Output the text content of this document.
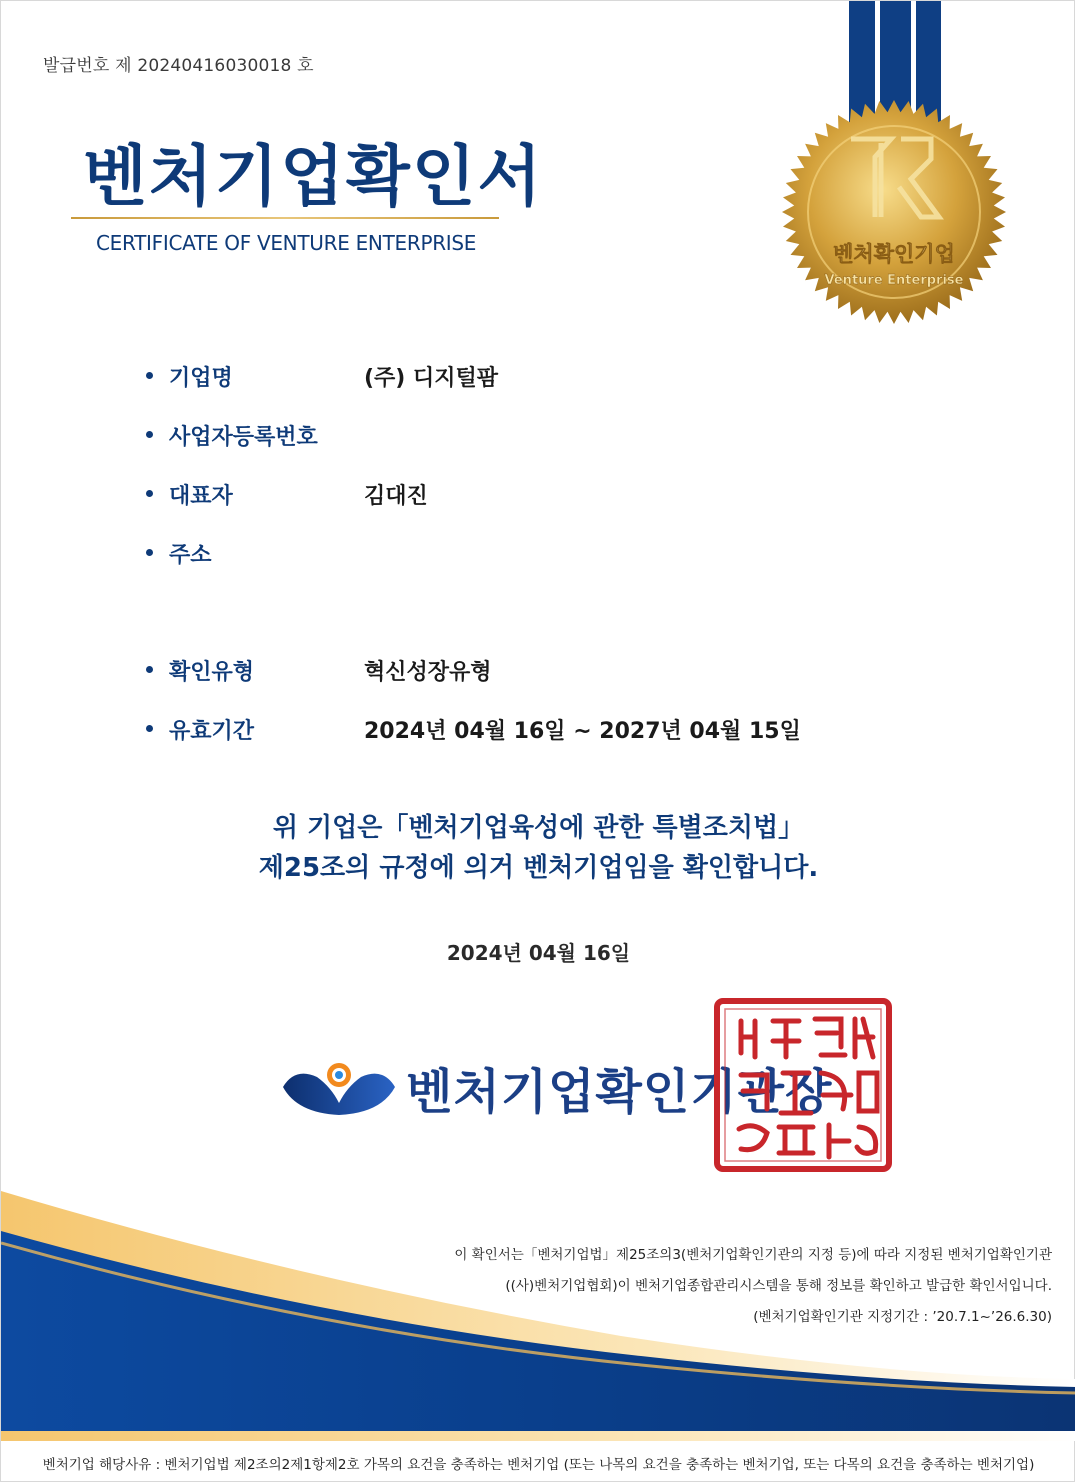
발급번호 제 20240416030018 호
벤처기업확인서
CERTIFICATE OF VENTURE ENTERPRISE	벤처확인기업
Venture Enterprise
기업명	(주) 디지털팜
사업자등록번호
대표자	김대진
주소
확인유형	혁신성장유형
유효기간	2024년 04월 16일 ~ 2027년 04월 15일
위 기업은「벤처기업육성에 관한 특별조치법」
제25조의 규정에 의거 벤처기업임을 확인합니다.
2024년 04월 16일
벤처기업확인기관장
이 확인서는「벤처기업법」제25조의3(벤처기업확인기관의 지정 등)에 따라 지정된 벤처기업확인기관
((사)벤처기업협회)이 벤처기업종합관리시스템을 통해 정보를 확인하고 발급한 확인서입니다.
(벤처기업확인기관 지정기간 : ’20.7.1~’26.6.30)
벤처기업 해당사유 : 벤처기업법 제2조의2제1항제2호 가목의 요건을 충족하는 벤처기업 (또는 나목의 요건을 충족하는 벤처기업, 또는 다목의 요건을 충족하는 벤처기업)
